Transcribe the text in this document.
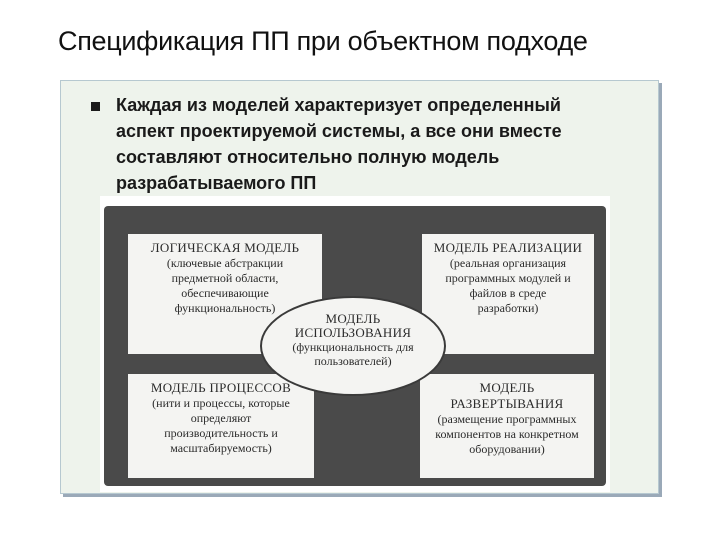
Спецификация ПП при объектном подходе
Каждая из моделей характеризует определенный
аспект проектируемой системы, а все они вместе
составляют относительно полную модель
разрабатываемого ПП
ЛОГИЧЕСКАЯ МОДЕЛЬ
(ключевые абстракции
предметной области,
обеспечивающие
функциональность)
МОДЕЛЬ РЕАЛИЗАЦИИ
(реальная организация
программных модулей и
файлов в среде
разработки)
МОДЕЛЬ ПРОЦЕССОВ
(нити и процессы, которые
определяют
производительность и
масштабируемость)
МОДЕЛЬ
РАЗВЕРТЫВАНИЯ
(размещение программных
компонентов на конкретном
оборудовании)
МОДЕЛЬ
ИСПОЛЬЗОВАНИЯ
(функциональность для
пользователей)
